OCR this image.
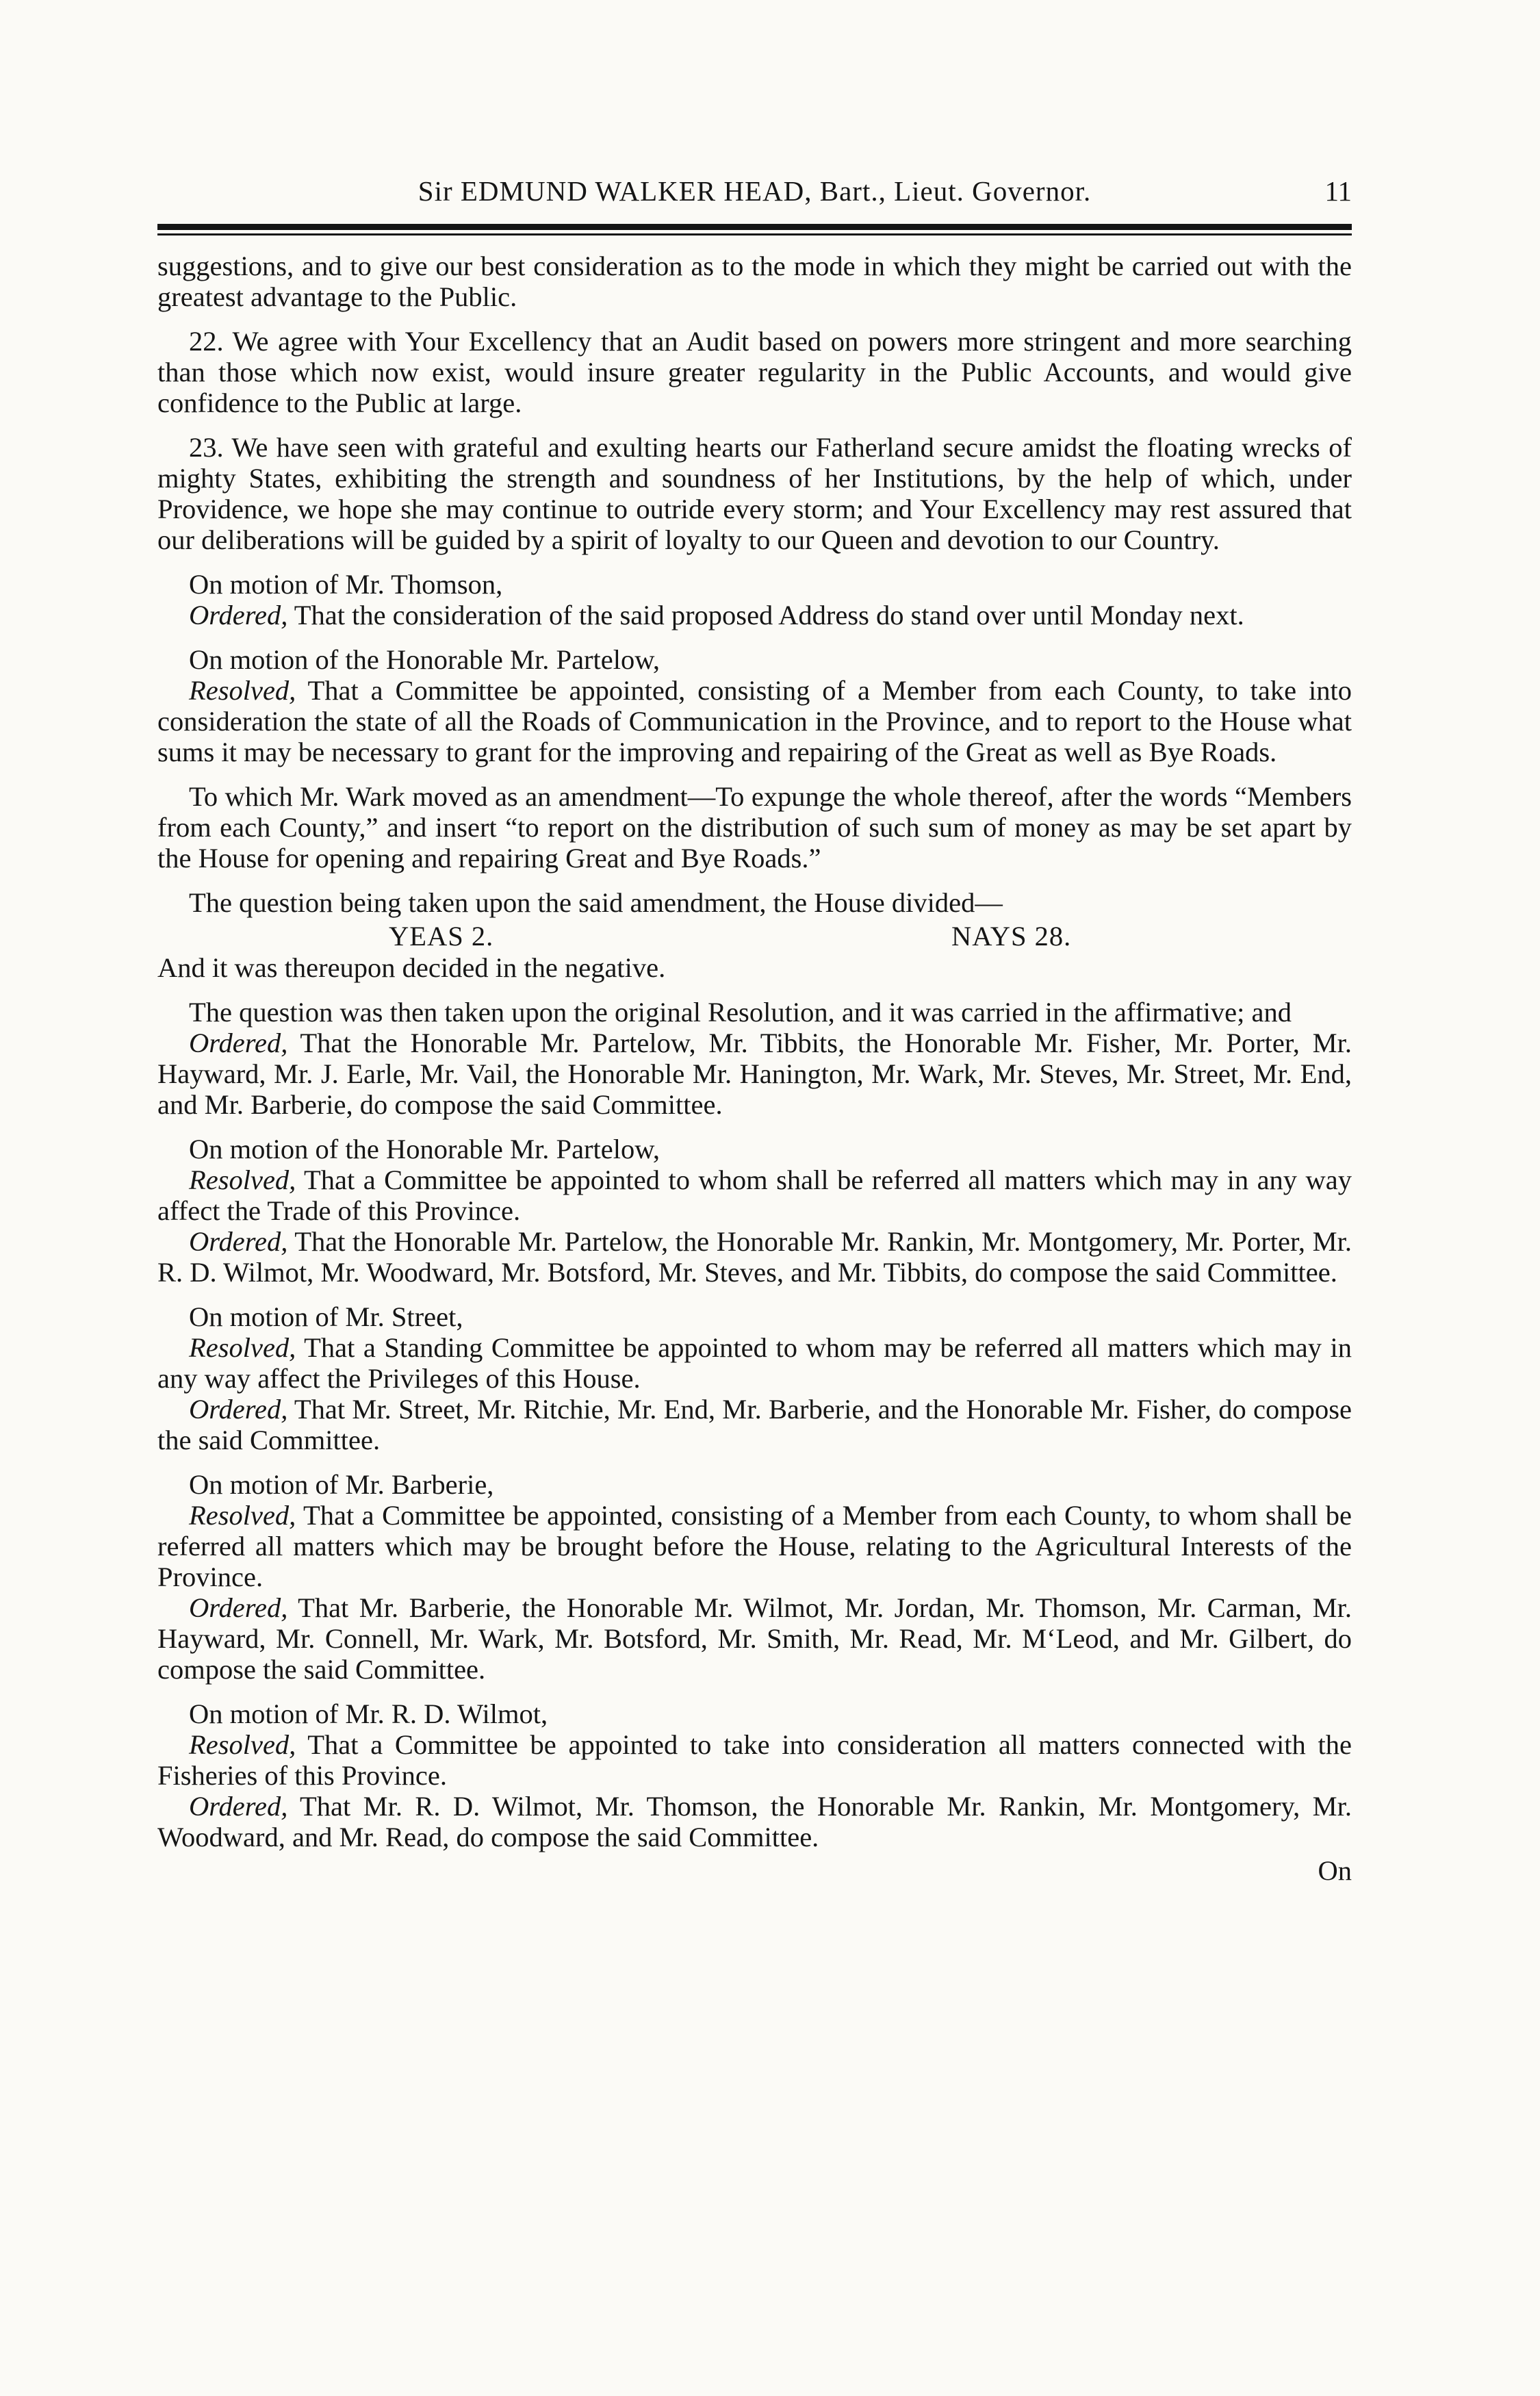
Sir EDMUND WALKER HEAD, Bart., Lieut. Governor.	11

suggestions, and to give our best consideration as to the mode in which they might be carried out with the greatest advantage to the Public.

22. We agree with Your Excellency that an Audit based on powers more stringent and more searching than those which now exist, would insure greater regularity in the Public Accounts, and would give confidence to the Public at large.

23. We have seen with grateful and exulting hearts our Fatherland secure amidst the floating wrecks of mighty States, exhibiting the strength and soundness of her Institutions, by the help of which, under Providence, we hope she may continue to outride every storm; and Your Excellency may rest assured that our deliberations will be guided by a spirit of loyalty to our Queen and devotion to our Country.

On motion of Mr. Thomson,

Ordered, That the consideration of the said proposed Address do stand over until Monday next.

On motion of the Honorable Mr. Partelow,

Resolved, That a Committee be appointed, consisting of a Member from each County, to take into consideration the state of all the Roads of Communication in the Province, and to report to the House what sums it may be necessary to grant for the improving and repairing of the Great as well as Bye Roads.

To which Mr. Wark moved as an amendment—To expunge the whole thereof, after the words “Members from each County,” and insert “to report on the distribution of such sum of money as may be set apart by the House for opening and repairing Great and Bye Roads.”

The question being taken upon the said amendment, the House divided—

YEAS 2.	NAYS 28.

And it was thereupon decided in the negative.

The question was then taken upon the original Resolution, and it was carried in the affirmative; and

Ordered, That the Honorable Mr. Partelow, Mr. Tibbits, the Honorable Mr. Fisher, Mr. Porter, Mr. Hayward, Mr. J. Earle, Mr. Vail, the Honorable Mr. Hanington, Mr. Wark, Mr. Steves, Mr. Street, Mr. End, and Mr. Barberie, do compose the said Committee.

On motion of the Honorable Mr. Partelow,

Resolved, That a Committee be appointed to whom shall be referred all matters which may in any way affect the Trade of this Province.

Ordered, That the Honorable Mr. Partelow, the Honorable Mr. Rankin, Mr. Montgomery, Mr. Porter, Mr. R. D. Wilmot, Mr. Woodward, Mr. Botsford, Mr. Steves, and Mr. Tibbits, do compose the said Committee.

On motion of Mr. Street,

Resolved, That a Standing Committee be appointed to whom may be referred all matters which may in any way affect the Privileges of this House.

Ordered, That Mr. Street, Mr. Ritchie, Mr. End, Mr. Barberie, and the Honorable Mr. Fisher, do compose the said Committee.

On motion of Mr. Barberie,

Resolved, That a Committee be appointed, consisting of a Member from each County, to whom shall be referred all matters which may be brought before the House, relating to the Agricultural Interests of the Province.

Ordered, That Mr. Barberie, the Honorable Mr. Wilmot, Mr. Jordan, Mr. Thomson, Mr. Carman, Mr. Hayward, Mr. Connell, Mr. Wark, Mr. Botsford, Mr. Smith, Mr. Read, Mr. M‘Leod, and Mr. Gilbert, do compose the said Committee.

On motion of Mr. R. D. Wilmot,

Resolved, That a Committee be appointed to take into consideration all matters connected with the Fisheries of this Province.

Ordered, That Mr. R. D. Wilmot, Mr. Thomson, the Honorable Mr. Rankin, Mr. Montgomery, Mr. Woodward, and Mr. Read, do compose the said Committee.

On
